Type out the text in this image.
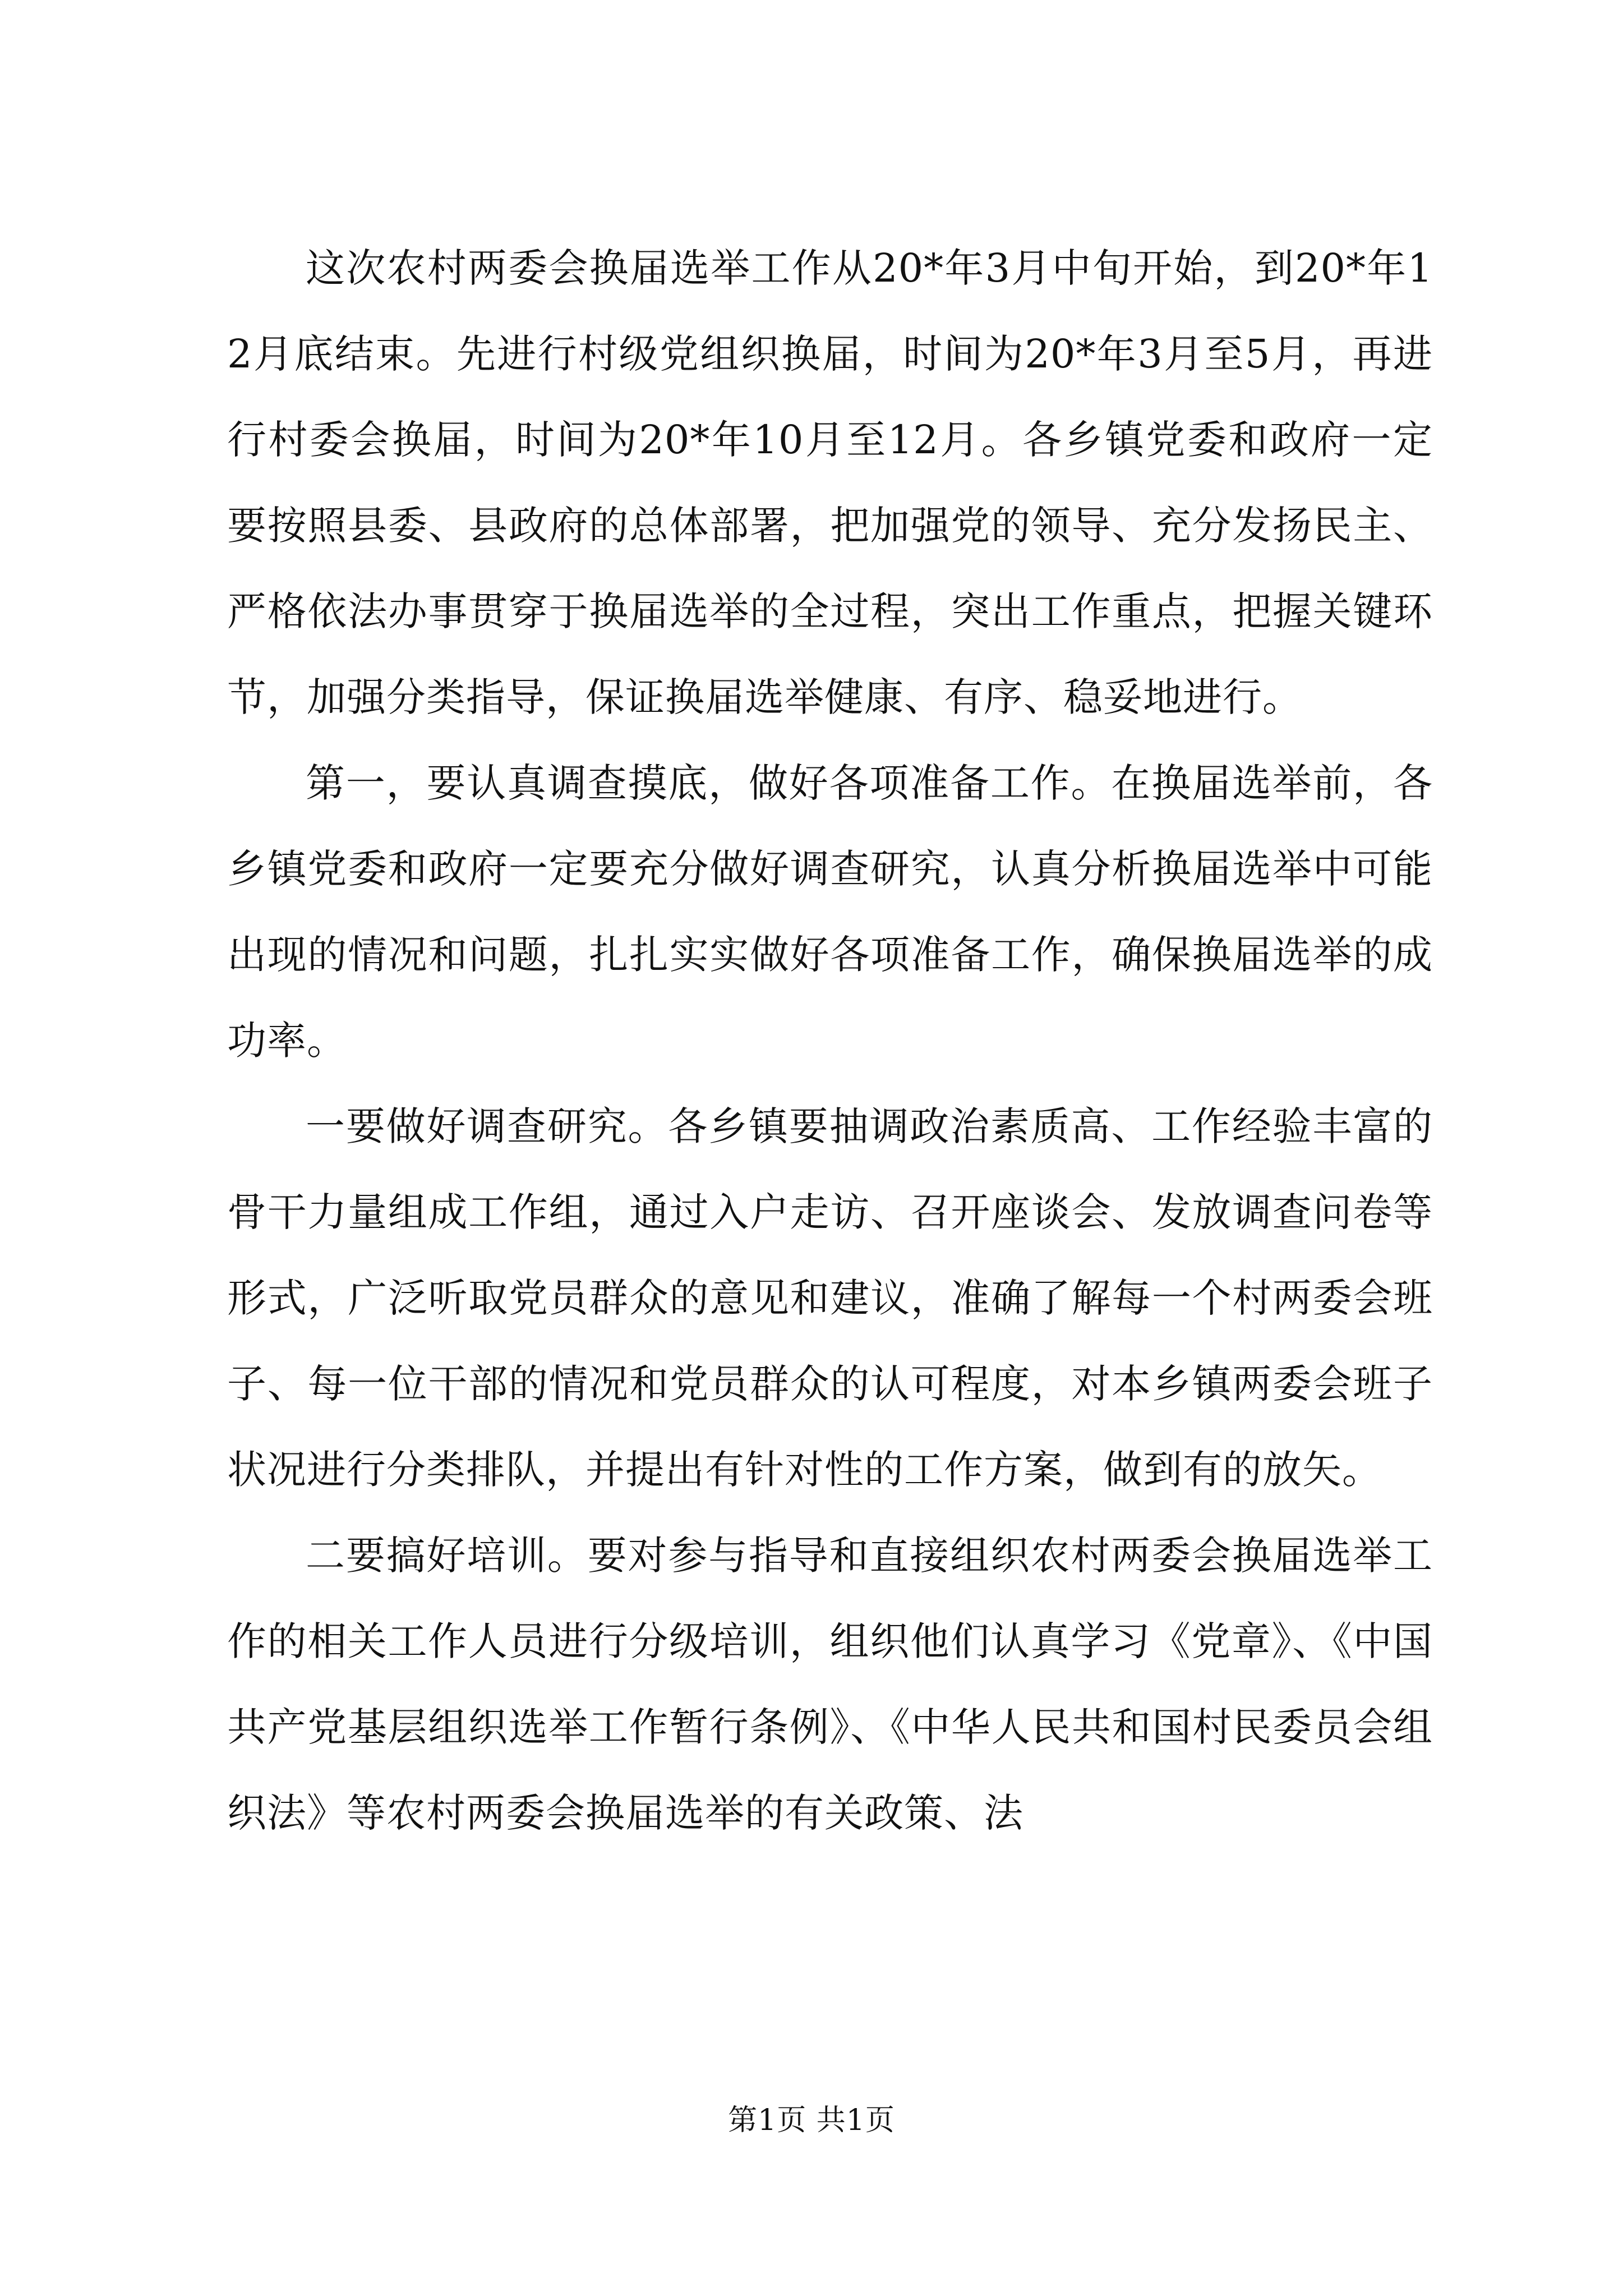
这次农村两委会换届选举工作从20*年3月中旬开始，到20*年12月底结束。先进行村级党组织换届，时间为20*年3月至5月，再进行村委会换届，时间为20*年10月至12月。各乡镇党委和政府一定要按照县委、县政府的总体部署，把加强党的领导、充分发扬民主、严格依法办事贯穿于换届选举的全过程，突出工作重点，把握关键环节，加强分类指导，保证换届选举健康、有序、稳妥地进行。

第一，要认真调查摸底，做好各项准备工作。在换届选举前，各乡镇党委和政府一定要充分做好调查研究，认真分析换届选举中可能出现的情况和问题，扎扎实实做好各项准备工作，确保换届选举的成功率。

一要做好调查研究。各乡镇要抽调政治素质高、工作经验丰富的骨干力量组成工作组，通过入户走访、召开座谈会、发放调查问卷等形式，广泛听取党员群众的意见和建议，准确了解每一个村两委会班子、每一位干部的情况和党员群众的认可程度，对本乡镇两委会班子状况进行分类排队，并提出有针对性的工作方案，做到有的放矢。

二要搞好培训。要对参与指导和直接组织农村两委会换届选举工作的相关工作人员进行分级培训，组织他们认真学习《党章》、《中国共产党基层组织选举工作暂行条例》、《中华人民共和国村民委员会组织法》等农村两委会换届选举的有关政策、法

第1页 共1页
